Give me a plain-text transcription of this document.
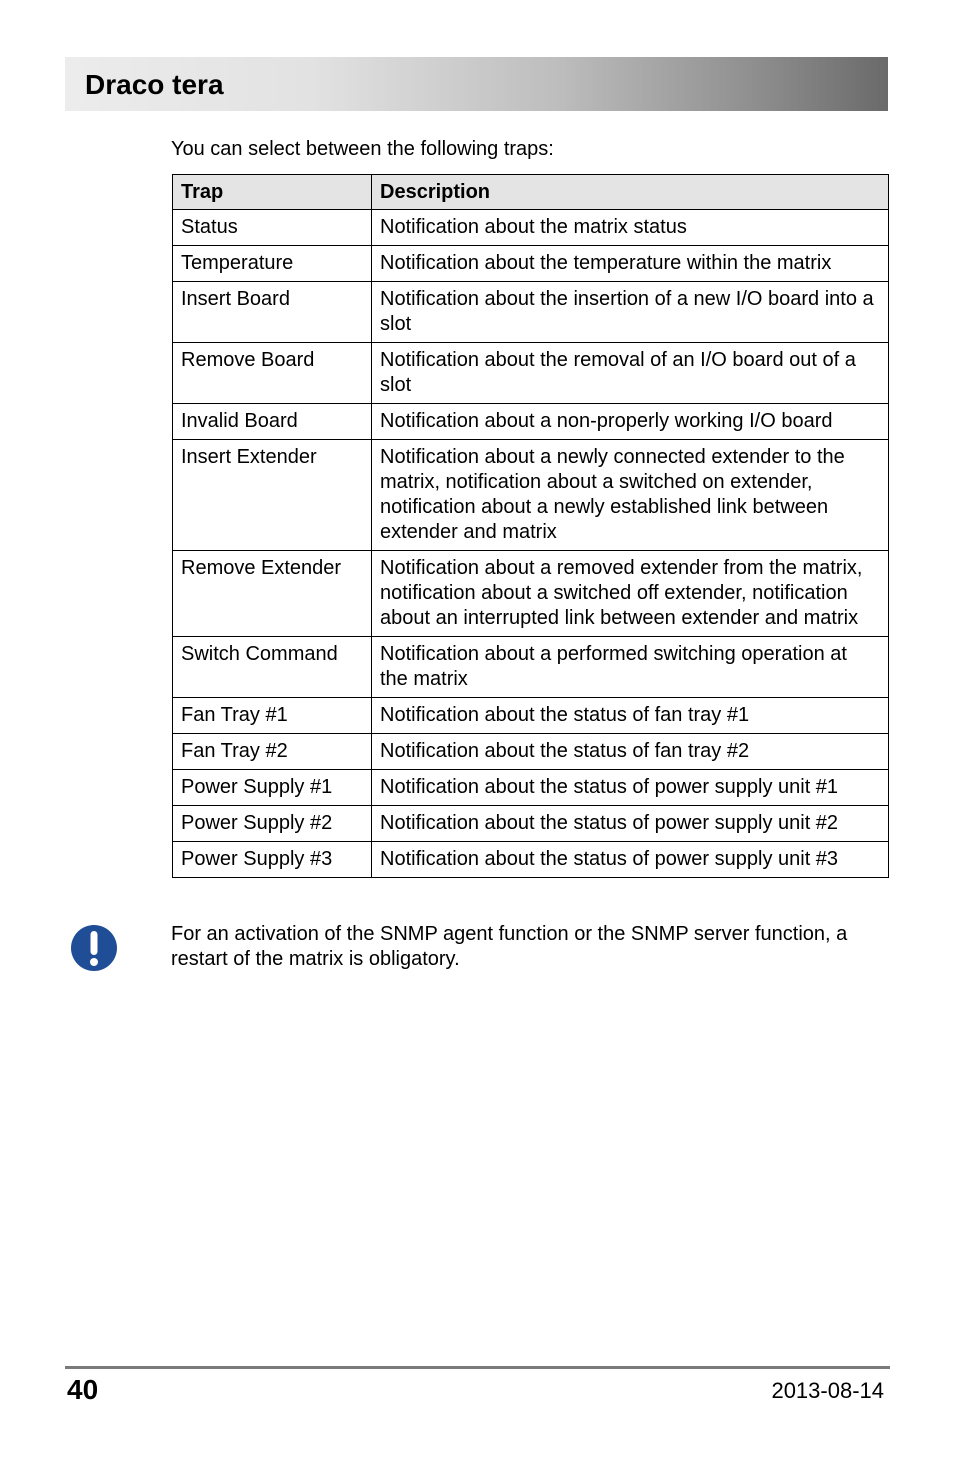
Draco tera
You can select between the following traps:
Trap	Description
Status	Notification about the matrix status
Temperature	Notification about the temperature within the matrix
Insert Board	Notification about the insertion of a new I/O board into a slot
Remove Board	Notification about the removal of an I/O board out of a slot
Invalid Board	Notification about a non-properly working I/O board
Insert Extender	Notification about a newly connected extender to the matrix, notification about a switched on extender, notification about a newly established link between extender and matrix
Remove Extender	Notification about a removed extender from the matrix, notification about a switched off extender, notification about an interrupted link between extender and matrix
Switch Command	Notification about a performed switching operation at the matrix
Fan Tray #1	Notification about the status of fan tray #1
Fan Tray #2	Notification about the status of fan tray #2
Power Supply #1	Notification about the status of power supply unit #1
Power Supply #2	Notification about the status of power supply unit #2
Power Supply #3	Notification about the status of power supply unit #3
For an activation of the SNMP agent function or the SNMP server function, a restart of the matrix is obligatory.
40	2013-08-14
